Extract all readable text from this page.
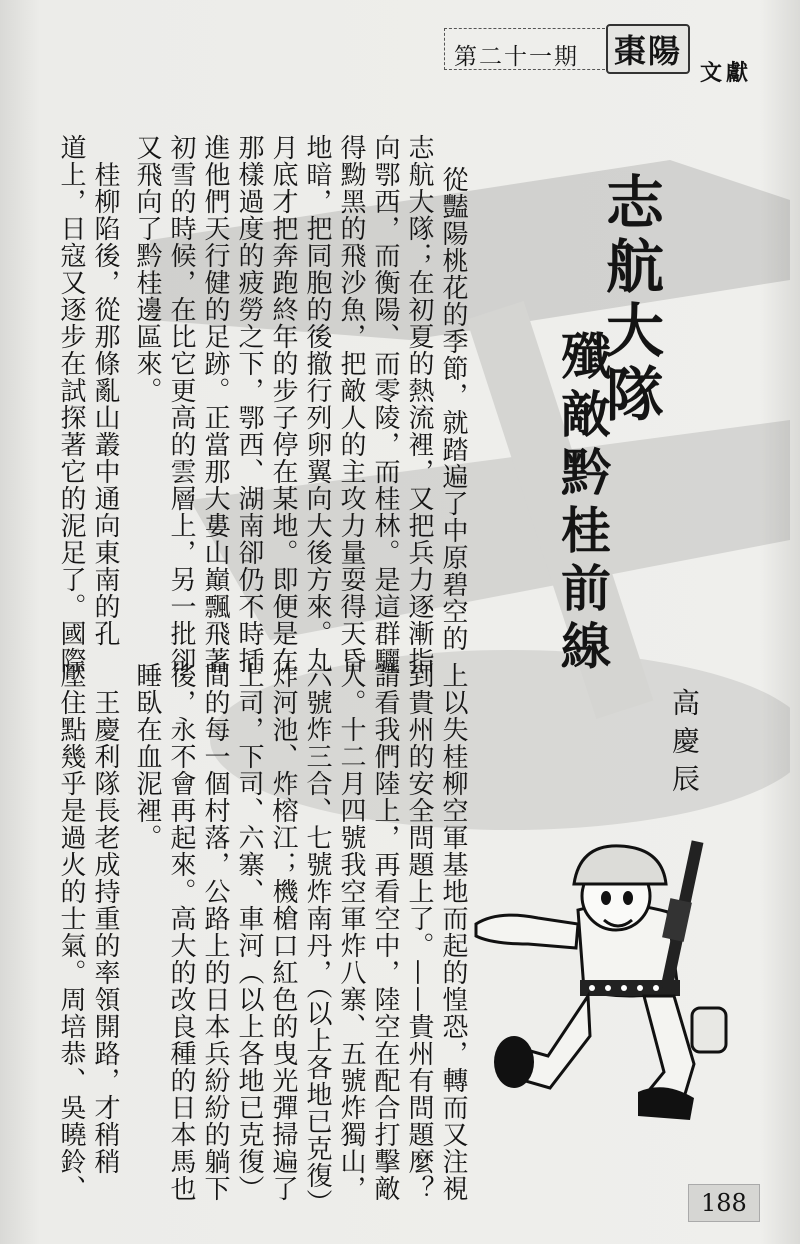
第二十一期 棗陽
文獻
志航大隊
殲敵黔桂前線
高慶辰
從豔陽桃花的季節，就踏遍了中原碧空的
志航大隊；在初夏的熱流裡，又把兵力逐漸指
向鄂西，而衡陽、而零陵，而桂林。是這群驪
得黝黑的飛沙魚，把敵人的主攻力量耍得天昏
地暗，把同胞的後撤行列卵翼向大後方來。九
月底才把奔跑終年的步子停在某地。即便是在
那樣過度的疲勞之下，鄂西、湖南卻仍不時插
進他們天行健的足跡。正當那大婁山巔飄飛著
初雪的時候，在比它更高的雲層上，另一批卻
又飛向了黔桂邊區來。
　桂柳陷後，從那條亂山叢中通向東南的孔
道上，日寇又逐步在試探著它的泥足了。國際
上以失桂柳空軍基地而起的惶恐，轉而又注視
到貴州的安全問題上了。——貴州有問題麼？
請看我們陸上，再看空中，陸空在配合打擊敵
人。十二月四號我空軍炸八寨、五號炸獨山，
六號炸三合、七號炸南丹，（以上各地已克復）
炸河池、炸榕江；機槍口紅色的曳光彈掃遍了
上司，下司、六寨、車河（以上各地已克復）
間的每一個村落，公路上的日本兵紛紛的躺下
後，永不會再起來。高大的改良種的日本馬也
睡臥在血泥裡。
　王慶利隊長老成持重的率領開路，才稍稍
壓住點幾乎是過火的士氣。周培恭、吳曉鈴、
188
